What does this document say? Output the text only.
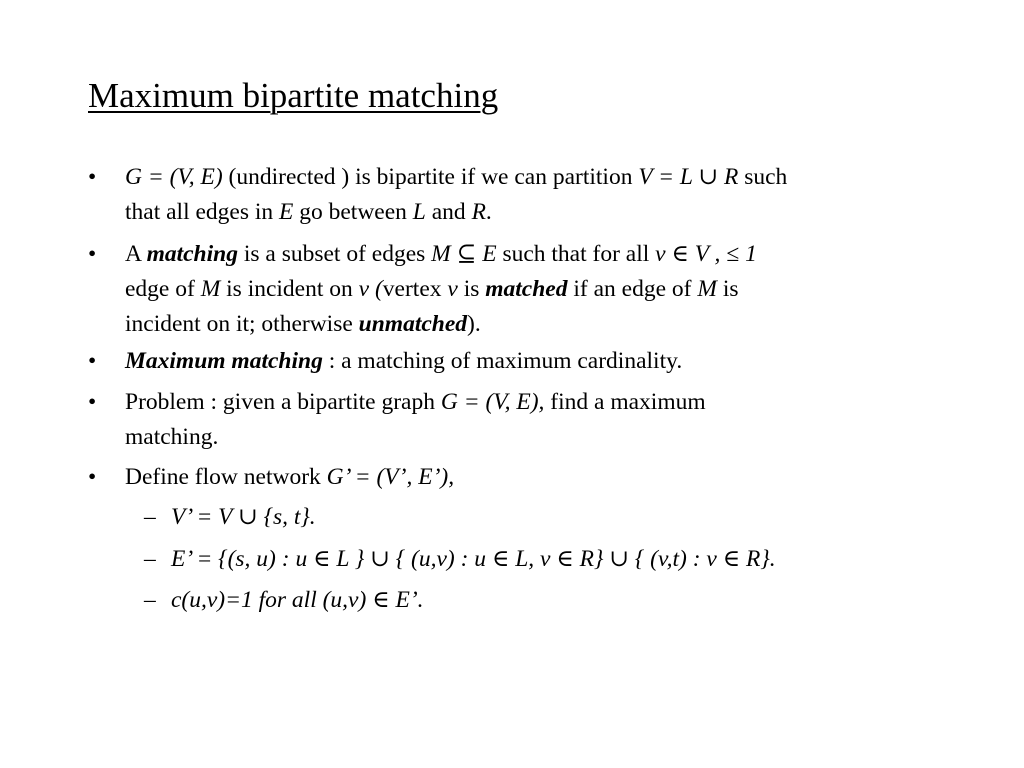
Maximum bipartite matching
• G = (V, E) (undirected ) is bipartite if we can partition V = L ∪ R such
that all edges in E go between L and R.
• A matching is a subset of edges M ⊆ E such that for all v ∈ V , ≤ 1
edge of M is incident on v (vertex v is matched if an edge of M is
incident on it; otherwise unmatched).
• Maximum matching : a matching of maximum cardinality.
• Problem : given a bipartite graph G = (V, E), find a maximum
matching.
• Define flow network G’ = (V’, E’),
– V’ = V ∪ {s, t}.
– E’ = {(s, u) : u ∈ L } ∪ { (u,v) : u ∈ L, v ∈ R} ∪ { (v,t) : v ∈ R}.
– c(u,v)=1 for all (u,v) ∈ E’.
